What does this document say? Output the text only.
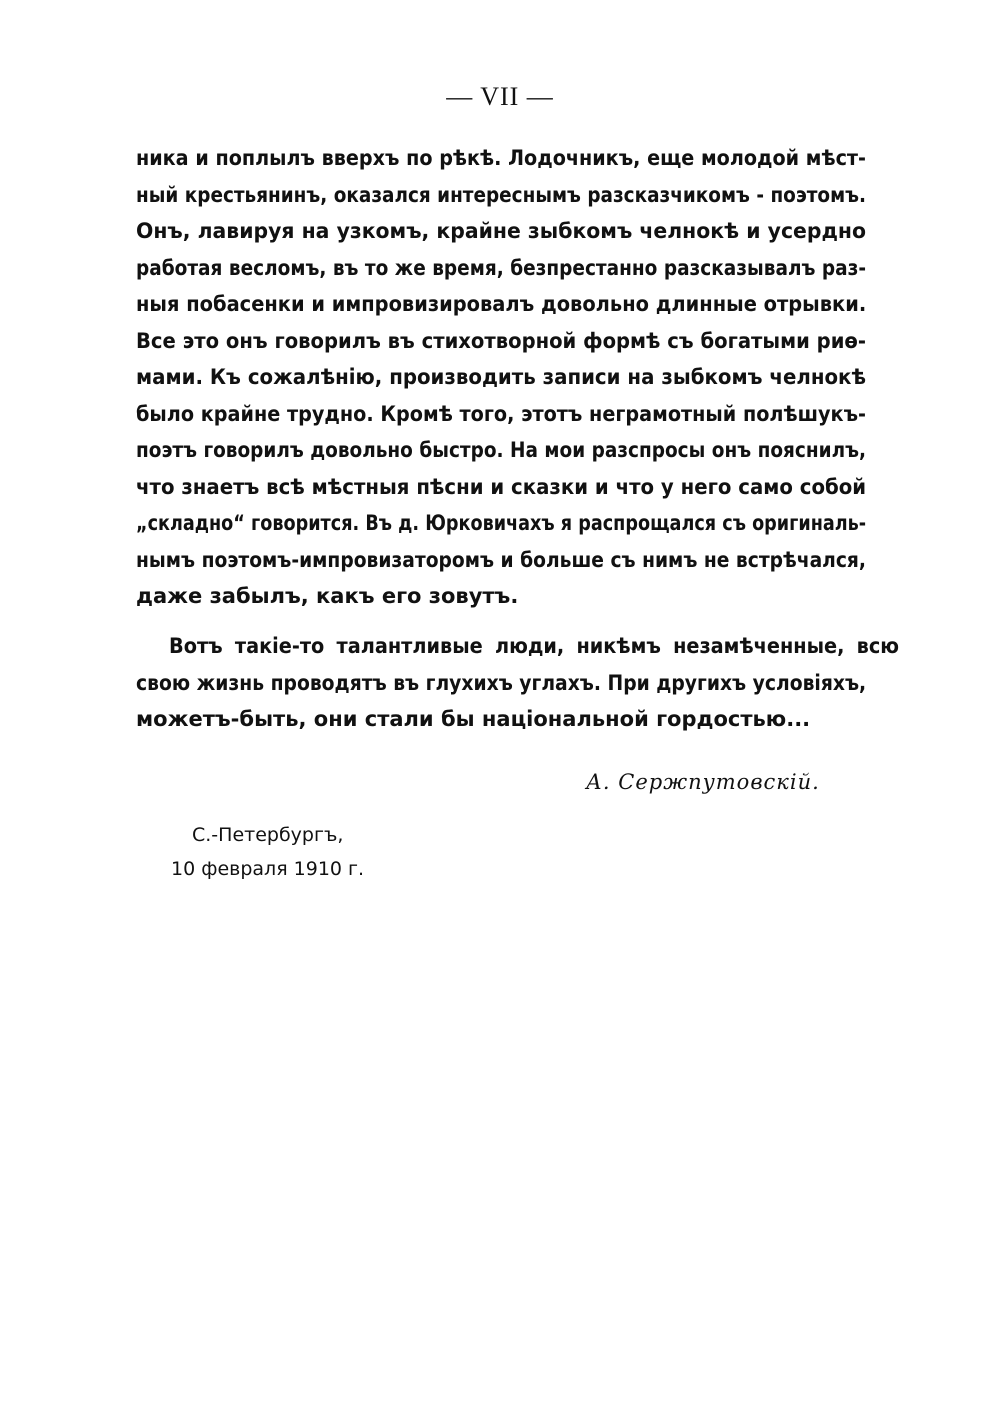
— VII —
ника и поплылъ вверхъ по рѣкѣ. Лодочникъ, еще молодой мѣст-
ный крестьянинъ, оказался интереснымъ разсказчикомъ - поэтомъ.
Онъ, лавируя на узкомъ, крайне зыбкомъ челнокѣ и усердно
работая весломъ, въ то же время, безпрестанно разсказывалъ раз-
ныя побасенки и импровизировалъ довольно длинные отрывки.
Все это онъ говорилъ въ стихотворной формѣ съ богатыми риѳ-
мами. Къ сожалѣнію, производить записи на зыбкомъ челнокѣ
было крайне трудно. Кромѣ того, этотъ неграмотный полѣшукъ-
поэтъ говорилъ довольно быстро. На мои разспросы онъ пояснилъ,
что знаетъ всѣ мѣстныя пѣсни и сказки и что у него само собой
„складно“ говорится. Въ д. Юрковичахъ я распрощался съ оригиналь-
нымъ поэтомъ-импровизаторомъ и больше съ нимъ не встрѣчался,
даже забылъ, какъ его зовутъ.
Вотъ такіе-то талантливые люди, никѣмъ незамѣченные, всю
свою жизнь проводятъ въ глухихъ углахъ. При другихъ условіяхъ,
можетъ-быть, они стали бы національной гордостью...
А. Сержпутовскій.
С.-Петербургъ,
10 февраля 1910 г.
